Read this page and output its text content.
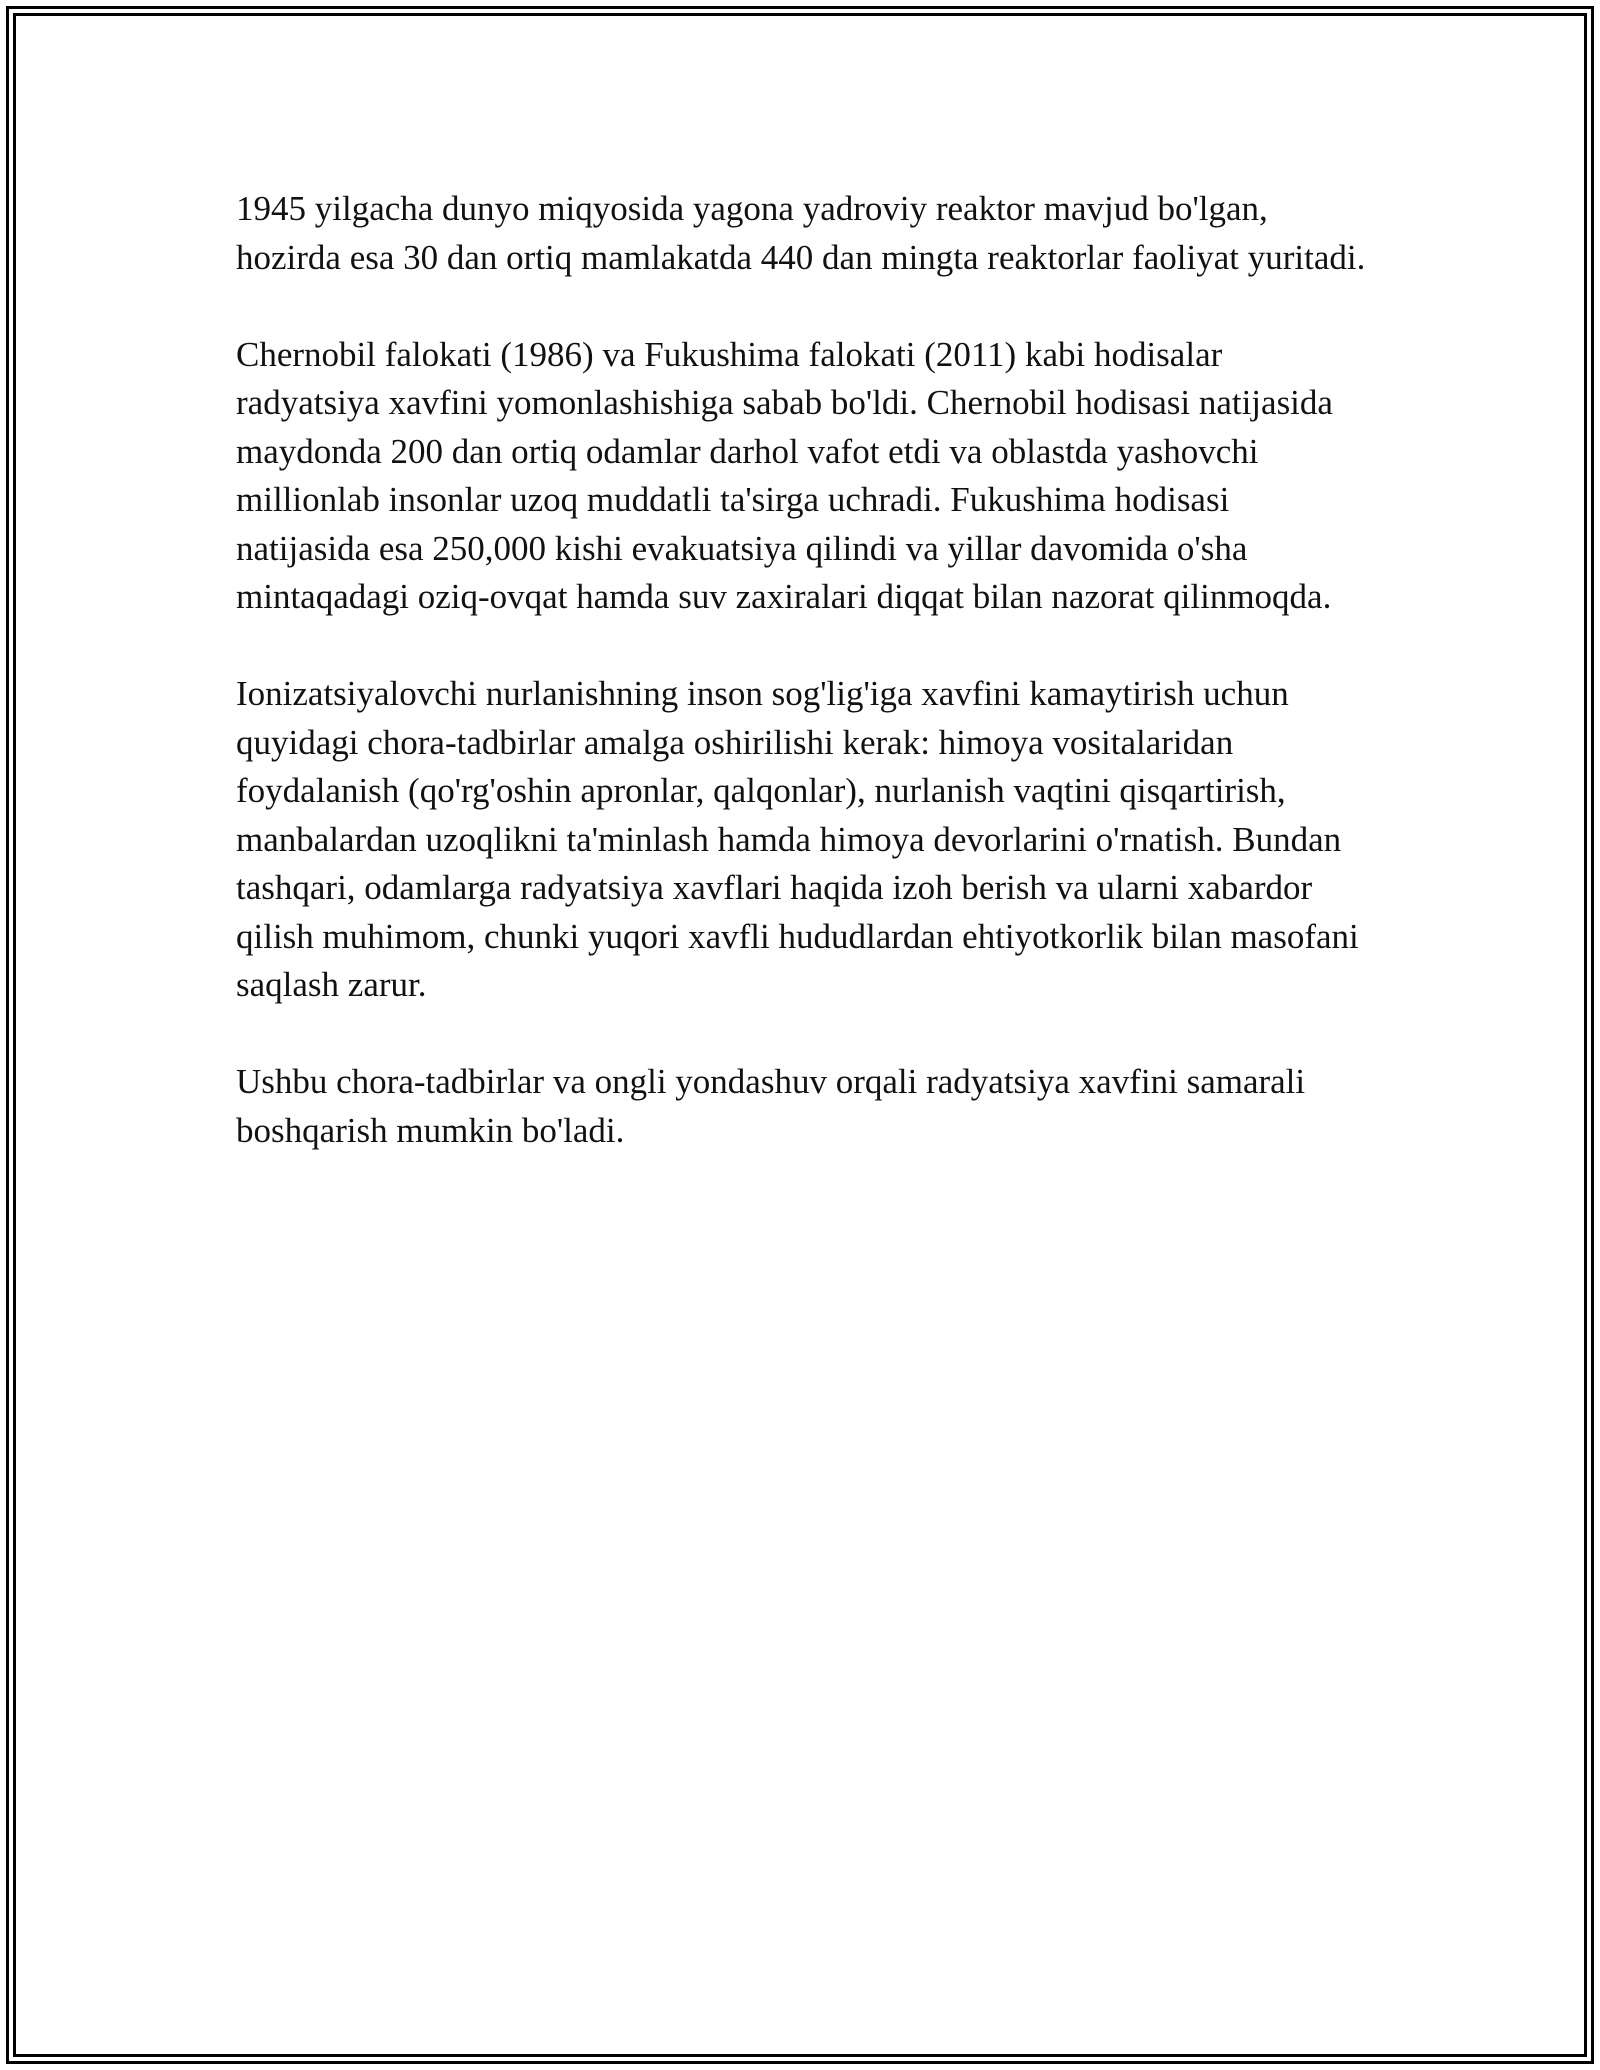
1945 yilgacha dunyo miqyosida yagona yadroviy reaktor mavjud bo'lgan, hozirda esa 30 dan ortiq mamlakatda 440 dan mingta reaktorlar faoliyat yuritadi.

Chernobil falokati (1986) va Fukushima falokati (2011) kabi hodisalar radyatsiya xavfini yomonlashishiga sabab bo'ldi. Chernobil hodisasi natijasida maydonda 200 dan ortiq odamlar darhol vafot etdi va oblastda yashovchi millionlab insonlar uzoq muddatli ta'sirga uchradi. Fukushima hodisasi natijasida esa 250,000 kishi evakuatsiya qilindi va yillar davomida o'sha mintaqadagi oziq-ovqat hamda suv zaxiralari diqqat bilan nazorat qilinmoqda.

Ionizatsiyalovchi nurlanishning inson sog'lig'iga xavfini kamaytirish uchun quyidagi chora-tadbirlar amalga oshirilishi kerak: himoya vositalaridan foydalanish (qo'rg'oshin apronlar, qalqonlar), nurlanish vaqtini qisqartirish, manbalardan uzoqlikni ta'minlash hamda himoya devorlarini o'rnatish. Bundan tashqari, odamlarga radyatsiya xavflari haqida izoh berish va ularni xabardor qilish muhimom, chunki yuqori xavfli hududlardan ehtiyotkorlik bilan masofani saqlash zarur.

Ushbu chora-tadbirlar va ongli yondashuv orqali radyatsiya xavfini samarali boshqarish mumkin bo'ladi.
